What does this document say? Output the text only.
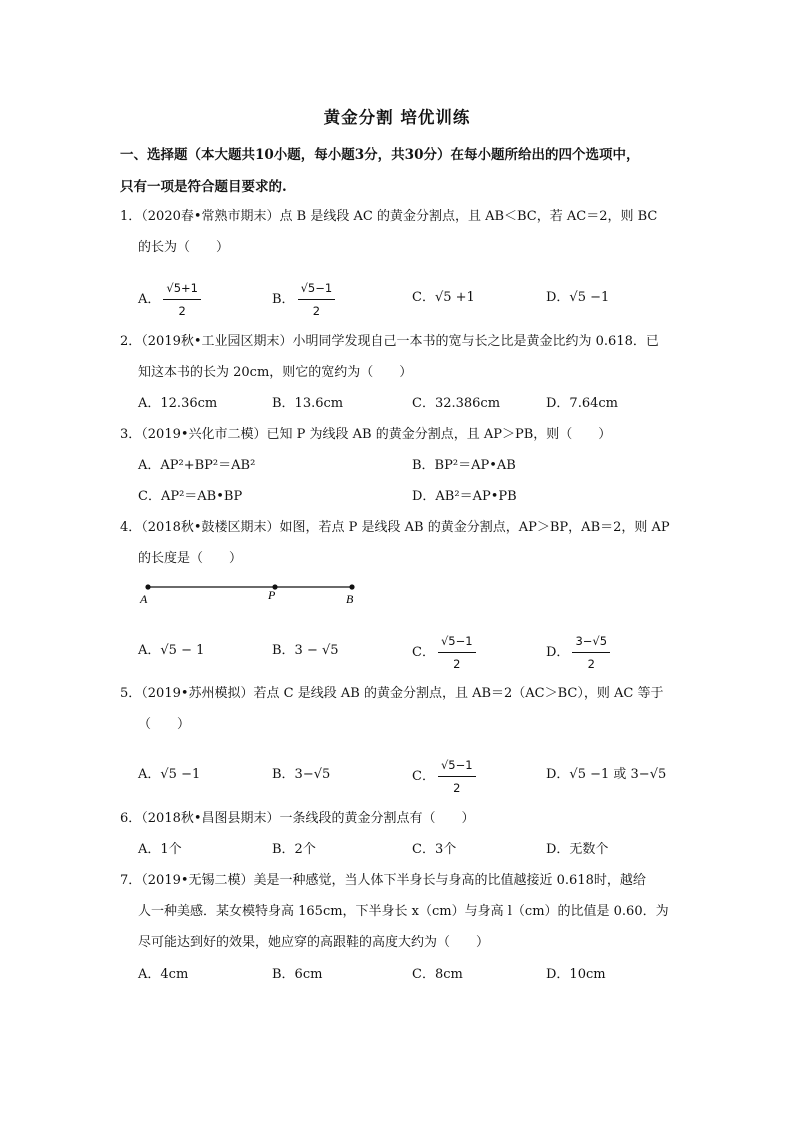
黄金分割 培优训练
一、选择题（本大题共10小题，每小题3分，共30分）在每小题所给出的四个选项中，
只有一项是符合题目要求的.
1．（2020春•常熟市期末）点 B 是线段 AC 的黄金分割点，且 AB＜BC，若 AC＝2，则 BC
的长为（　　）
A． $\frac{√5+1}{2}$	B． $\frac{√5-1}{2}$	C．√5 +1	D．√5 −1
2．（2019秋•工业园区期末）小明同学发现自己一本书的宽与长之比是黄金比约为 0.618．已
知这本书的长为 20cm，则它的宽约为（　　）
A．12.36cm	B．13.6cm	C．32.386cm	D．7.64cm
3．（2019•兴化市二模）已知 P 为线段 AB 的黄金分割点，且 AP＞PB，则（　　）
A．AP²+BP²＝AB²	B．BP²＝AP•AB
C．AP²＝AB•BP	D．AB²＝AP•PB
4．（2018秋•鼓楼区期末）如图，若点 P 是线段 AB 的黄金分割点，AP＞BP，AB＝2，则 AP
的长度是（　　）
A	P	B
A．√5 − 1	B．3 − √5	C． $\frac{√5-1}{2}$	D． $\frac{3-√5}{2}$
5．（2019•苏州模拟）若点 C 是线段 AB 的黄金分割点，且 AB＝2（AC＞BC），则 AC 等于
（　　）
A．√5 −1	B．3−√5	C． $\frac{√5-1}{2}$	D．√5 −1 或 3−√5
6．（2018秋•昌图县期末）一条线段的黄金分割点有（　　）
A．1个	B．2个	C．3个	D．无数个
7．（2019•无锡二模）美是一种感觉，当人体下半身长与身高的比值越接近 0.618时，越给
人一种美感．某女模特身高 165cm，下半身长 x（cm）与身高 l（cm）的比值是 0.60．为
尽可能达到好的效果，她应穿的高跟鞋的高度大约为（　　）
A．4cm	B．6cm	C．8cm	D．10cm
